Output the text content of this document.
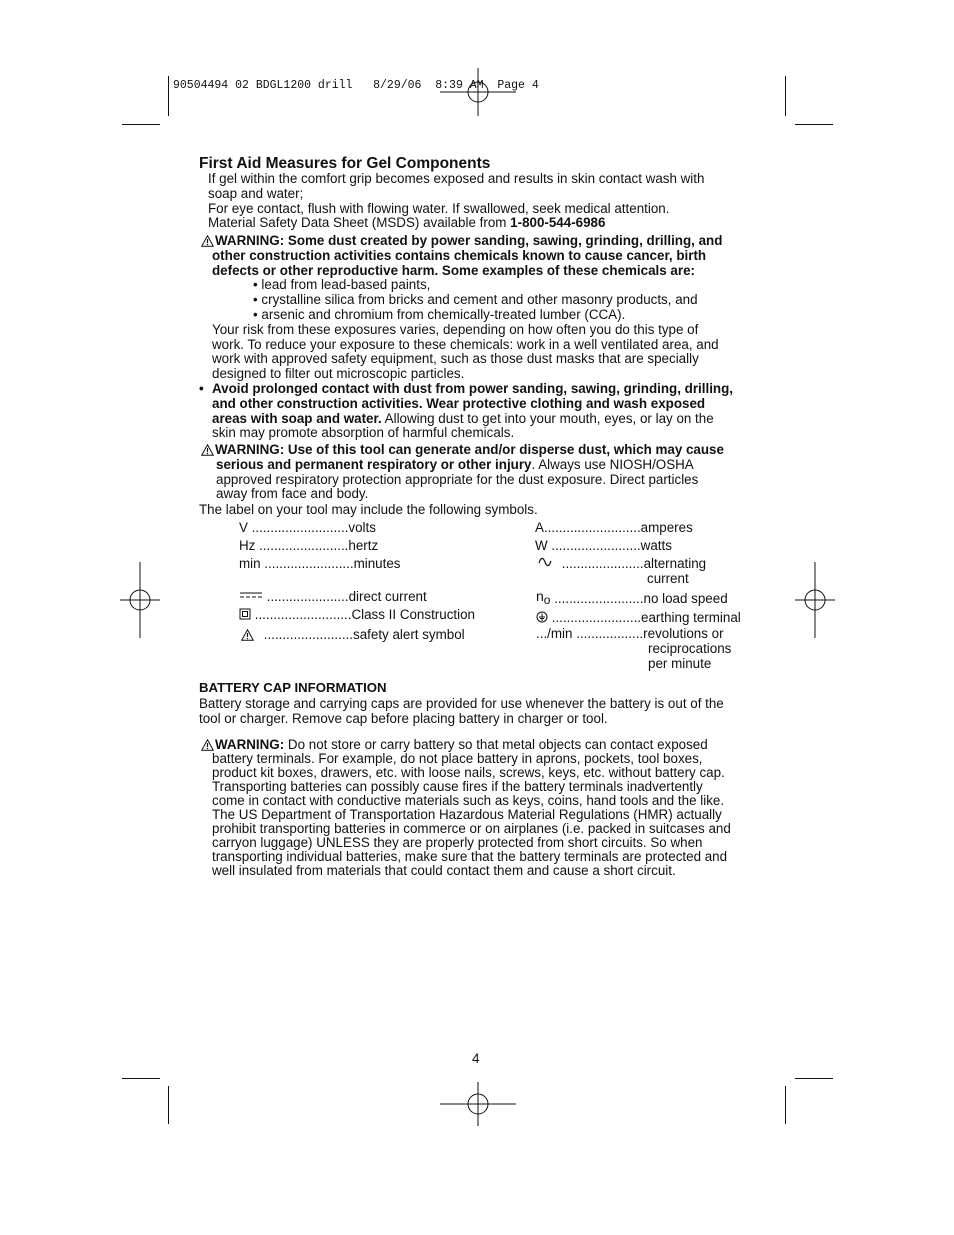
90504494 02 BDGL1200 drill   8/29/06  8:39 AM  Page 4
First Aid Measures for Gel Components
If gel within the comfort grip becomes exposed and results in skin contact wash with
soap and water;
For eye contact, flush with flowing water. If swallowed, seek medical attention.
Material Safety Data Sheet (MSDS) available from 1-800-544-6986
WARNING: Some dust created by power sanding, sawing, grinding, drilling, and
other construction activities contains chemicals known to cause cancer, birth
defects or other reproductive harm. Some examples of these chemicals are:
• lead from lead-based paints,
• crystalline silica from bricks and cement and other masonry products, and
• arsenic and chromium from chemically-treated lumber (CCA).
Your risk from these exposures varies, depending on how often you do this type of
work. To reduce your exposure to these chemicals: work in a well ventilated area, and
work with approved safety equipment, such as those dust masks that are specially
designed to filter out microscopic particles.
• Avoid prolonged contact with dust from power sanding, sawing, grinding, drilling,
and other construction activities. Wear protective clothing and wash exposed
areas with soap and water. Allowing dust to get into your mouth, eyes, or lay on the
skin may promote absorption of harmful chemicals.
WARNING: Use of this tool can generate and/or disperse dust, which may cause
serious and permanent respiratory or other injury. Always use NIOSH/OSHA
approved respiratory protection appropriate for the dust exposure. Direct particles
away from face and body.
The label on your tool may include the following symbols.
V ..........................volts
Hz ........................hertz
min ........................minutes
......................direct current
..........................Class II Construction
........................safety alert symbol
A..........................amperes
W ........................watts
......................alternating
current
no ........................no load speed
........................earthing terminal
.../min ..................revolutions or
reciprocations
per minute
BATTERY CAP INFORMATION
Battery storage and carrying caps are provided for use whenever the battery is out of the
tool or charger. Remove cap before placing battery in charger or tool.
WARNING: Do not store or carry battery so that metal objects can contact exposed
battery terminals. For example, do not place battery in aprons, pockets, tool boxes,
product kit boxes, drawers, etc. with loose nails, screws, keys, etc. without battery cap.
Transporting batteries can possibly cause fires if the battery terminals inadvertently
come in contact with conductive materials such as keys, coins, hand tools and the like.
The US Department of Transportation Hazardous Material Regulations (HMR) actually
prohibit transporting batteries in commerce or on airplanes (i.e. packed in suitcases and
carryon luggage) UNLESS they are properly protected from short circuits. So when
transporting individual batteries, make sure that the battery terminals are protected and
well insulated from materials that could contact them and cause a short circuit.
4
